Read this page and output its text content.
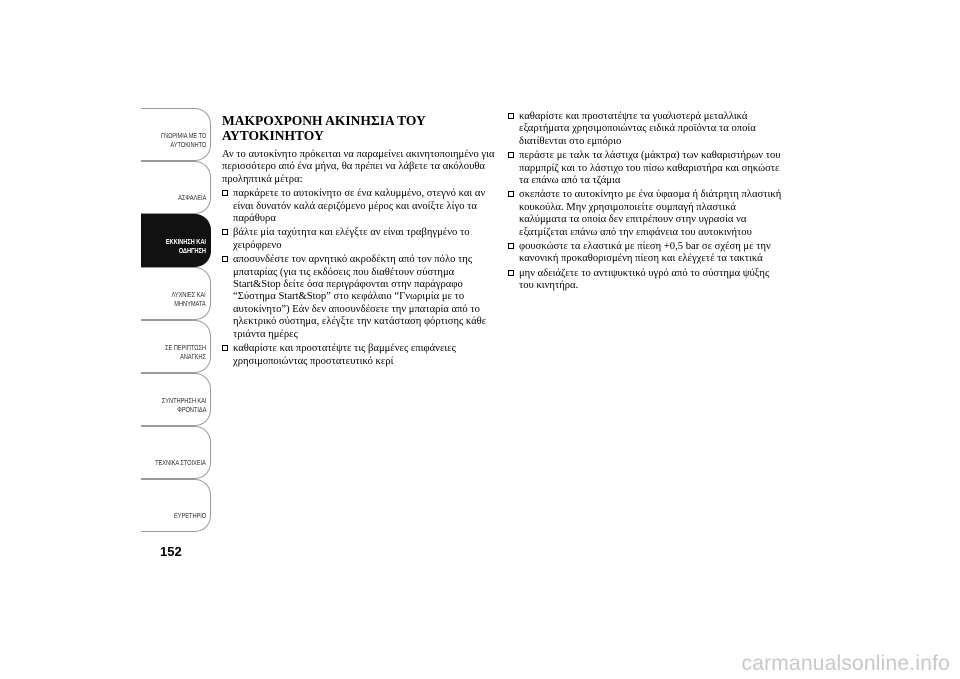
ΓΝΩΡΙΜΙΑ ΜΕ ΤΟ
ΑΥΤΟΚΙΝΗΤΟ
ΑΣΦΑΛΕΙΑ
ΕΚΚΙΝΗΣΗ ΚΑΙ
ΟΔΗΓΗΣΗ
ΛΥΧΝΙΕΣ ΚΑΙ
ΜΗΝΥΜΑΤΑ
ΣΕ ΠΕΡΙΠΤΩΣΗ
ΑΝΑΓΚΗΣ
ΣΥΝΤΗΡΗΣΗ ΚΑΙ
ΦΡΟΝΤΙΔΑ
ΤΕΧΝΙΚΑ ΣΤΟΙΧΕΙΑ
ΕΥΡΕΤΗΡΙΟ
152
ΜΑΚΡΟΧΡΟΝΗ ΑΚΙΝΗΣΙΑ ΤΟΥ ΑΥΤΟΚΙΝΗΤΟΥ

Αν το αυτοκίνητο πρόκειται να παραμείνει ακινητοποιημένο για περισσότερο από ένα μήνα, θα πρέπει να λάβετε τα ακόλουθα προληπτικά μέτρα:

παρκάρετε το αυτοκίνητο σε ένα καλυμμένο, στεγνό και αν είναι δυνατόν καλά αεριζόμενο μέρος και ανοίξτε λίγο τα παράθυρα
βάλτε μία ταχύτητα και ελέγξτε αν είναι τραβηγμένο το χειρόφρενο
αποσυνδέστε τον αρνητικό ακροδέκτη από τον πόλο της μπαταρίας (για τις εκδόσεις που διαθέτουν σύστημα Start&Stop δείτε όσα περιγράφονται στην παράγραφο “Σύστημα Start&Stop” στο κεφάλαιο “Γνωριμία με το αυτοκίνητο”) Εάν δεν αποσυνδέσετε την μπαταρία από το ηλεκτρικό σύστημα, ελέγξτε την κατάσταση φόρτισης κάθε τριάντα ημέρες
καθαρίστε και προστατέψτε τις βαμμένες επιφάνειες χρησιμοποιώντας προστατευτικό κερί
καθαρίστε και προστατέψτε τα γυαλιστερά μεταλλικά εξαρτήματα χρησιμοποιώντας ειδικά προϊόντα τα οποία διατίθενται στο εμπόριο
περάστε με ταλκ τα λάστιχα (μάκτρα) των καθαριστήρων του παρμπρίζ και το λάστιχο του πίσω καθαριστήρα και σηκώστε τα επάνω από τα τζάμια
σκεπάστε το αυτοκίνητο με ένα ύφασμα ή διάτρητη πλαστική κουκούλα. Μην χρησιμοποιείτε συμπαγή πλαστικά καλύμματα τα οποία δεν επιτρέπουν στην υγρασία να εξατμίζεται επάνω από την επιφάνεια του αυτοκινήτου
φουσκώστε τα ελαστικά με πίεση +0,5 bar σε σχέση με την κανονική προκαθορισμένη πίεση και ελέγχετέ τα τακτικά
μην αδειάζετε το αντιψυκτικό υγρό από το σύστημα ψύξης του κινητήρα.
carmanualsonline.info
